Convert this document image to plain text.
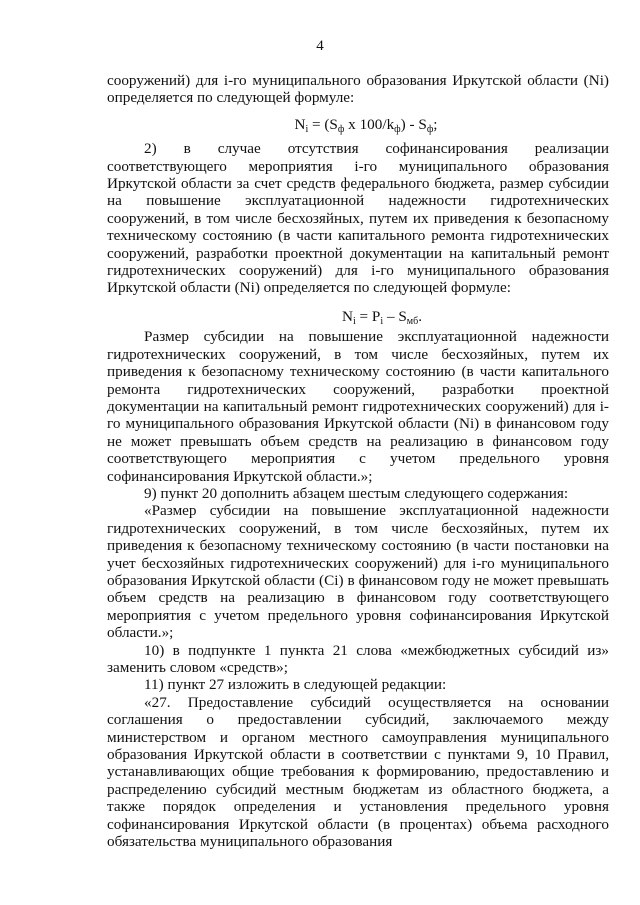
4

сооружений) для i-го муниципального образования Иркутской области (Ni) определяется по следующей формуле:

$N_i = (S_ф$ x $100/k_ф) - S_ф$;

2) в случае отсутствия софинансирования реализации соответствующего мероприятия i-го муниципального образования Иркутской области за счет средств федерального бюджета, размер субсидии на повышение эксплуатационной надежности гидротехнических сооружений, в том числе бесхозяйных, путем их приведения к безопасному техническому состоянию (в части капитального ремонта гидротехнических сооружений, разработки проектной документации на капитальный ремонт гидротехнических сооружений) для i-го муниципального образования Иркутской области (Ni) определяется по следующей формуле:

$N_i = P_i - S_{мб}$.

Размер субсидии на повышение эксплуатационной надежности гидротехнических сооружений, в том числе бесхозяйных, путем их приведения к безопасному техническому состоянию (в части капитального ремонта гидротехнических сооружений, разработки проектной документации на капитальный ремонт гидротехнических сооружений) для i-го муниципального образования Иркутской области (Ni) в финансовом году не может превышать объем средств на реализацию в финансовом году соответствующего мероприятия с учетом предельного уровня софинансирования Иркутской области.»;

9) пункт 20 дополнить абзацем шестым следующего содержания:

«Размер субсидии на повышение эксплуатационной надежности гидротехнических сооружений, в том числе бесхозяйных, путем их приведения к безопасному техническому состоянию (в части постановки на учет бесхозяйных гидротехнических сооружений) для i-го муниципального образования Иркутской области (Сi) в финансовом году не может превышать объем средств на реализацию в финансовом году соответствующего мероприятия с учетом предельного уровня софинансирования Иркутской области.»;

10) в подпункте 1 пункта 21 слова «межбюджетных субсидий из» заменить словом «средств»;

11) пункт 27 изложить в следующей редакции:

«27. Предоставление субсидий осуществляется на основании соглашения о предоставлении субсидий, заключаемого между министерством и органом местного самоуправления муниципального образования Иркутской области в соответствии с пунктами 9, 10 Правил, устанавливающих общие требования к формированию, предоставлению и распределению субсидий местным бюджетам из областного бюджета, а также порядок определения и установления предельного уровня софинансирования Иркутской области (в процентах) объема расходного обязательства муниципального образования
